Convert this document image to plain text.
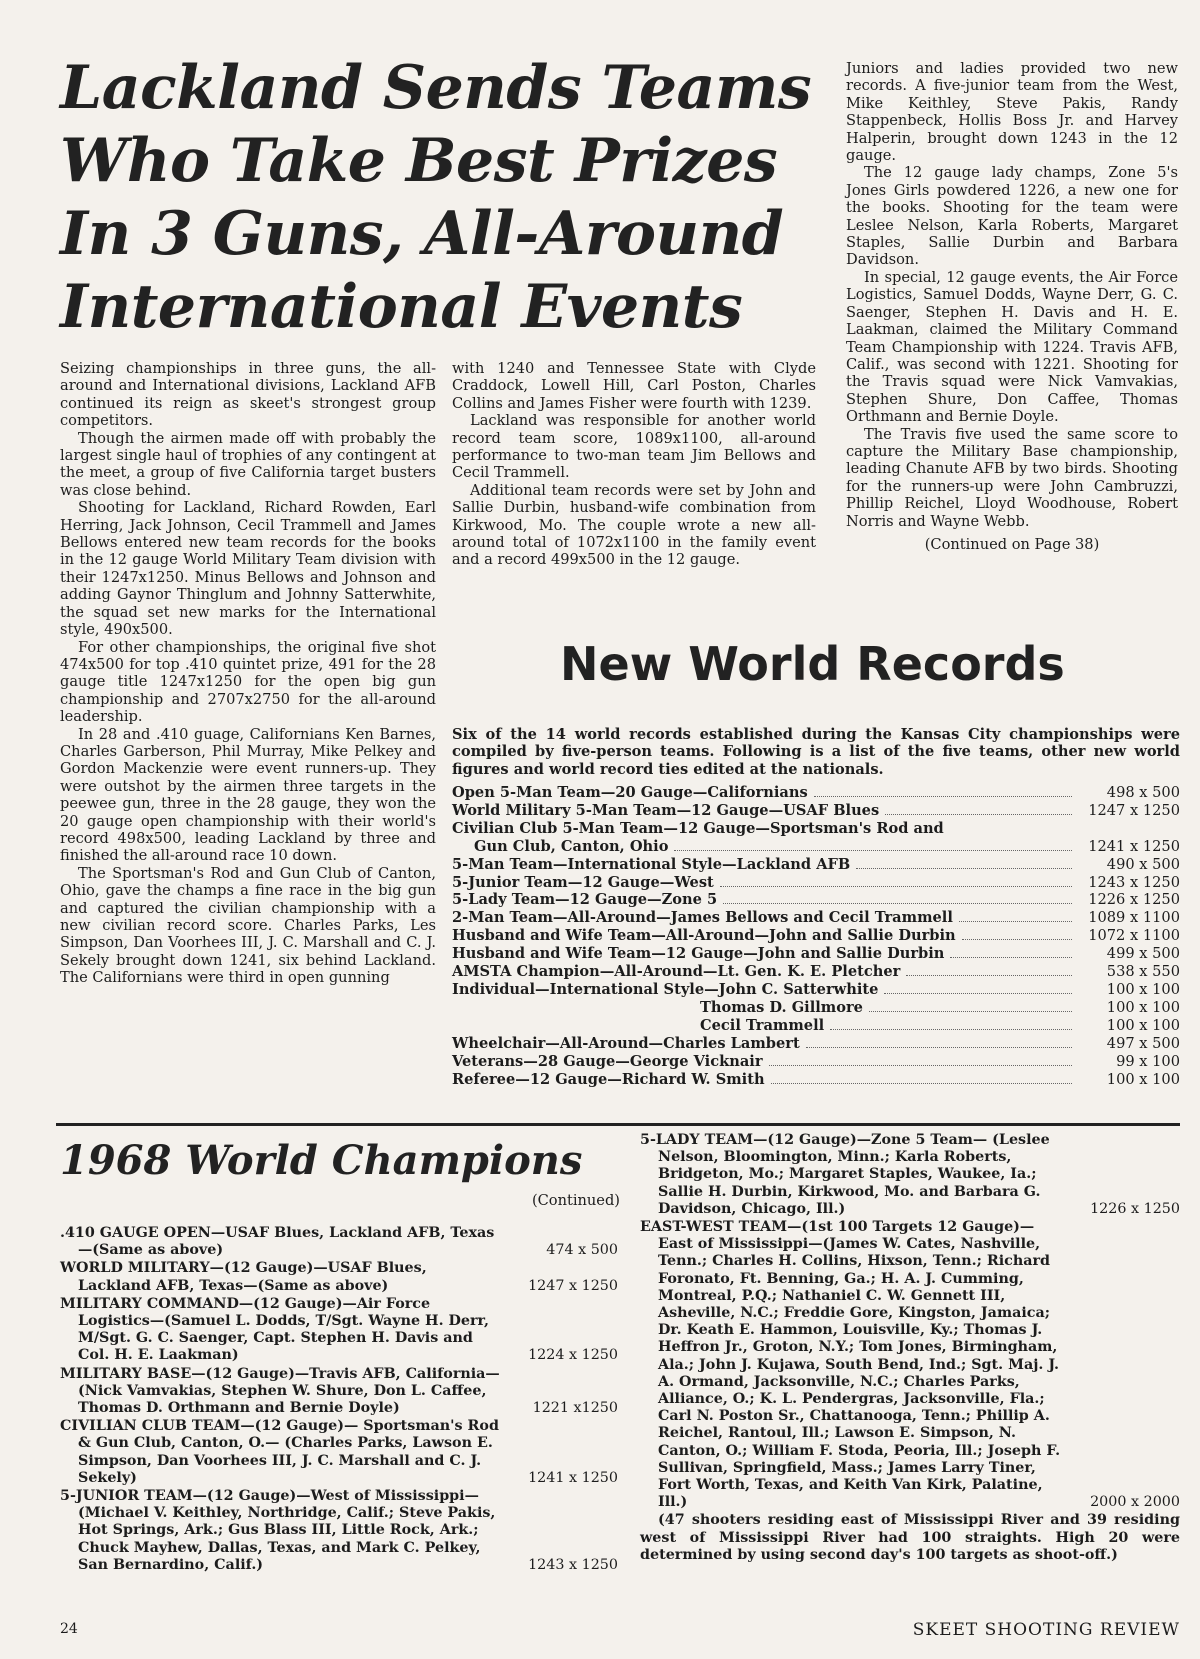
Lackland Sends Teams
Who Take Best Prizes
In 3 Guns, All-Around
International Events

Seizing championships in three guns, the all-around and International divisions, Lackland AFB continued its reign as skeet's strongest group competitors.

Though the airmen made off with probably the largest single haul of trophies of any contingent at the meet, a group of five California target busters was close behind.

Shooting for Lackland, Richard Rowden, Earl Herring, Jack Johnson, Cecil Trammell and James Bellows entered new team records for the books in the 12 gauge World Military Team division with their 1247x1250. Minus Bellows and Johnson and adding Gaynor Thinglum and Johnny Satterwhite, the squad set new marks for the International style, 490x500.

For other championships, the original five shot 474x500 for top .410 quintet prize, 491 for the 28 gauge title 1247x1250 for the open big gun championship and 2707x2750 for the all-around leadership.

In 28 and .410 guage, Californians Ken Barnes, Charles Garberson, Phil Murray, Mike Pelkey and Gordon Mackenzie were event runners-up. They were outshot by the airmen three targets in the peewee gun, three in the 28 gauge, they won the 20 gauge open championship with their world's record 498x500, leading Lackland by three and finished the all-around race 10 down.

The Sportsman's Rod and Gun Club of Canton, Ohio, gave the champs a fine race in the big gun and captured the civilian championship with a new civilian record score. Charles Parks, Les Simpson, Dan Voorhees III, J. C. Marshall and C. J. Sekely brought down 1241, six behind Lackland. The Californians were third in open gunning

with 1240 and Tennessee State with Clyde Craddock, Lowell Hill, Carl Poston, Charles Collins and James Fisher were fourth with 1239.

Lackland was responsible for another world record team score, 1089x1100, all-around performance to two-man team Jim Bellows and Cecil Trammell.

Additional team records were set by John and Sallie Durbin, husband-wife combination from Kirkwood, Mo. The couple wrote a new all-around total of 1072x1100 in the family event and a record 499x500 in the 12 gauge.

Juniors and ladies provided two new records. A five-junior team from the West, Mike Keithley, Steve Pakis, Randy Stappenbeck, Hollis Boss Jr. and Harvey Halperin, brought down 1243 in the 12 gauge.

The 12 gauge lady champs, Zone 5's Jones Girls powdered 1226, a new one for the books. Shooting for the team were Leslee Nelson, Karla Roberts, Margaret Staples, Sallie Durbin and Barbara Davidson.

In special, 12 gauge events, the Air Force Logistics, Samuel Dodds, Wayne Derr, G. C. Saenger, Stephen H. Davis and H. E. Laakman, claimed the Military Command Team Championship with 1224. Travis AFB, Calif., was second with 1221. Shooting for the Travis squad were Nick Vamvakias, Stephen Shure, Don Caffee, Thomas Orthmann and Bernie Doyle.

The Travis five used the same score to capture the Military Base championship, leading Chanute AFB by two birds. Shooting for the runners-up were John Cambruzzi, Phillip Reichel, Lloyd Woodhouse, Robert Norris and Wayne Webb.

(Continued on Page 38)

New World Records
Six of the 14 world records established during the Kansas City championships were compiled by five-person teams. Following is a list of the five teams, other new world figures and world record ties edited at the nationals.
Open 5-Man Team—20 Gauge—Californians	498 x 500
World Military 5-Man Team—12 Gauge—USAF Blues	1247 x 1250
Civilian Club 5-Man Team—12 Gauge—Sportsman's Rod and
Gun Club, Canton, Ohio	1241 x 1250
5-Man Team—International Style—Lackland AFB	490 x 500
5-Junior Team—12 Gauge—West	1243 x 1250
5-Lady Team—12 Gauge—Zone 5	1226 x 1250
2-Man Team—All-Around—James Bellows and Cecil Trammell	1089 x 1100
Husband and Wife Team—All-Around—John and Sallie Durbin	1072 x 1100
Husband and Wife Team—12 Gauge—John and Sallie Durbin	499 x 500
AMSTA Champion—All-Around—Lt. Gen. K. E. Pletcher	538 x 550
Individual—International Style—John C. Satterwhite	100 x 100
Thomas D. Gillmore	100 x 100
Cecil Trammell	100 x 100
Wheelchair—All-Around—Charles Lambert	497 x 500
Veterans—28 Gauge—George Vicknair	99 x 100
Referee—12 Gauge—Richard W. Smith	100 x 100
1968 World Champions
(Continued)
.410 GAUGE OPEN—USAF Blues, Lackland AFB, Texas—(Same as above)	474 x 500
WORLD MILITARY—(12 Gauge)—USAF Blues, Lackland AFB, Texas—(Same as above)	1247 x 1250
MILITARY COMMAND—(12 Gauge)—Air Force Logistics—(Samuel L. Dodds, T/Sgt. Wayne H. Derr, M/Sgt. G. C. Saenger, Capt. Stephen H. Davis and Col. H. E. Laakman)	1224 x 1250
MILITARY BASE—(12 Gauge)—Travis AFB, California—(Nick Vamvakias, Stephen W. Shure, Don L. Caffee, Thomas D. Orthmann and Bernie Doyle)	1221 x1250
CIVILIAN CLUB TEAM—(12 Gauge)— Sportsman's Rod & Gun Club, Canton, O.— (Charles Parks, Lawson E. Simpson, Dan Voorhees III, J. C. Marshall and C. J. Sekely)	1241 x 1250
5-JUNIOR TEAM—(12 Gauge)—West of Mississippi—(Michael V. Keithley, Northridge, Calif.; Steve Pakis, Hot Springs, Ark.; Gus Blass III, Little Rock, Ark.; Chuck Mayhew, Dallas, Texas, and Mark C. Pelkey, San Bernardino, Calif.)	1243 x 1250
5-LADY TEAM—(12 Gauge)—Zone 5 Team— (Leslee Nelson, Bloomington, Minn.; Karla Roberts, Bridgeton, Mo.; Margaret Staples, Waukee, Ia.; Sallie H. Durbin, Kirkwood, Mo. and Barbara G. Davidson, Chicago, Ill.)	1226 x 1250
EAST-WEST TEAM—(1st 100 Targets 12 Gauge)—East of Mississippi—(James W. Cates, Nashville, Tenn.; Charles H. Collins, Hixson, Tenn.; Richard Foronato, Ft. Benning, Ga.; H. A. J. Cumming, Montreal, P.Q.; Nathaniel C. W. Gennett III, Asheville, N.C.; Freddie Gore, Kingston, Jamaica; Dr. Keath E. Hammon, Louisville, Ky.; Thomas J. Heffron Jr., Groton, N.Y.; Tom Jones, Birmingham, Ala.; John J. Kujawa, South Bend, Ind.; Sgt. Maj. J. A. Ormand, Jacksonville, N.C.; Charles Parks, Alliance, O.; K. L. Pendergras, Jacksonville, Fla.; Carl N. Poston Sr., Chattanooga, Tenn.; Phillip A. Reichel, Rantoul, Ill.; Lawson E. Simpson, N. Canton, O.; William F. Stoda, Peoria, Ill.; Joseph F. Sullivan, Springfield, Mass.; James Larry Tiner, Fort Worth, Texas, and Keith Van Kirk, Palatine, Ill.)	2000 x 2000
(47 shooters residing east of Mississippi River and 39 residing west of Mississippi River had 100 straights. High 20 were determined by using second day's 100 targets as shoot-off.)
24	SKEET SHOOTING REVIEW
